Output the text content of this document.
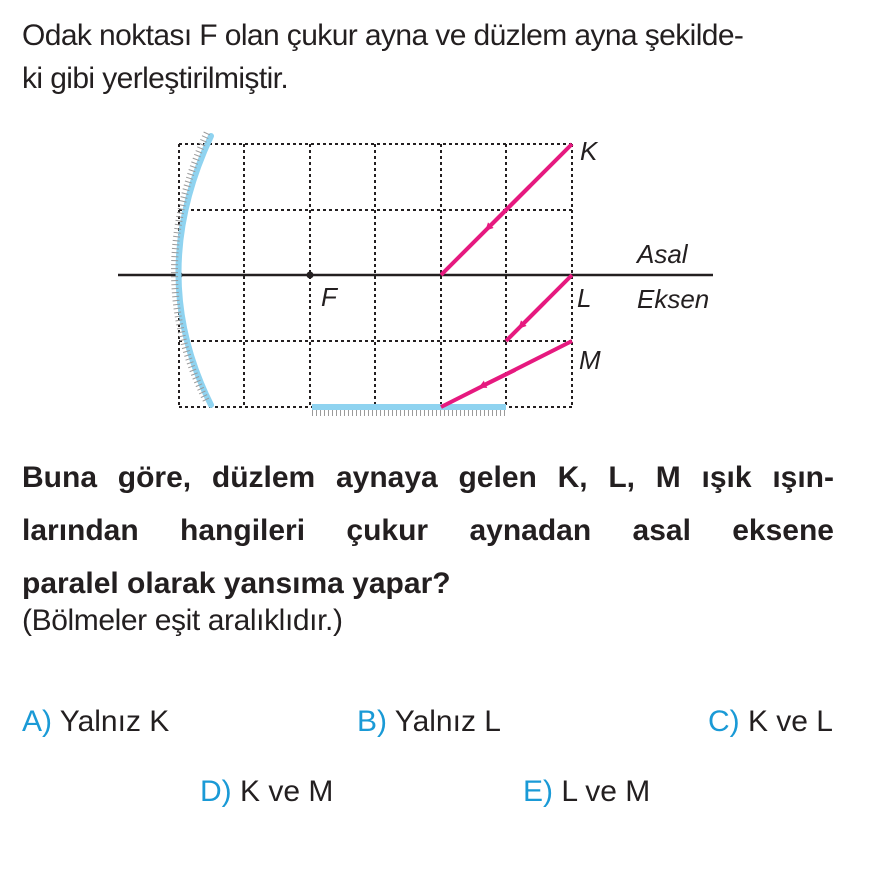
Odak noktası F olan çukur ayna ve düzlem ayna şekilde-
ki gibi yerleştirilmiştir.

F
K
L
M
Asal
Eksen

Buna göre, düzlem aynaya gelen K, L, M ışık ışın-
larından hangileri çukur aynadan asal eksene
paralel olarak yansıma yapar?

(Bölmeler eşit aralıklıdır.)
A) Yalnız K	B) Yalnız L	C) K ve L
D) K ve M	E) L ve M
